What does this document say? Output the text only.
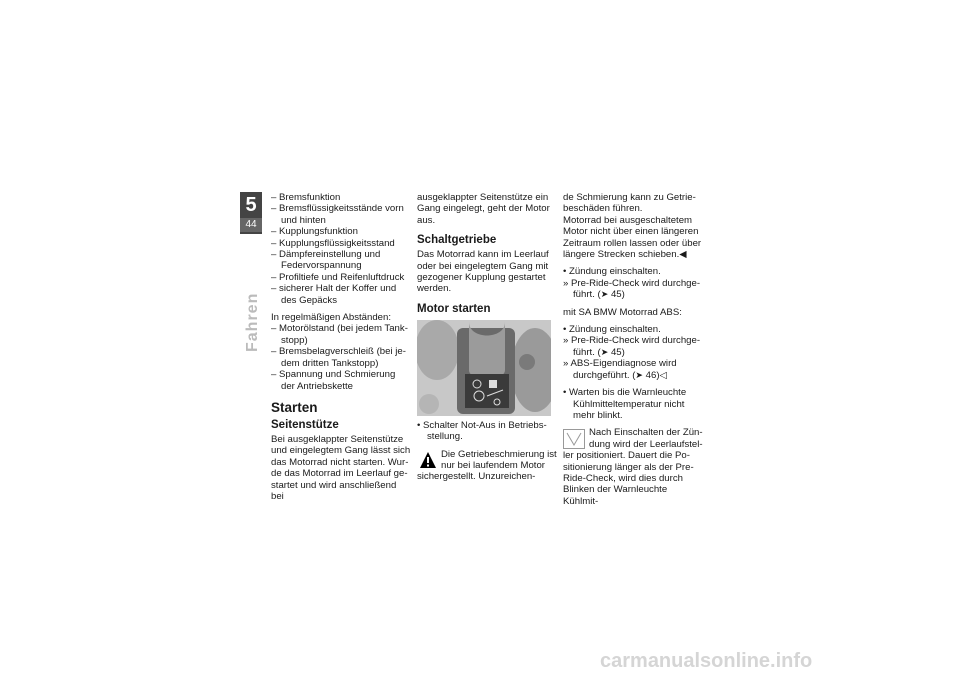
5
44
Fahren

– Bremsfunktion

– Bremsflüssigkeitsstände vorn und hinten

– Kupplungsfunktion

– Kupplungsflüssigkeitsstand

– Dämpfereinstellung und Federvorspannung

– Profiltiefe und Reifenluftdruck

– sicherer Halt der Koffer und des Gepäcks

In regelmäßigen Abständen:

– Motorölstand (bei jedem Tankstopp)

– Bremsbelagverschleiß (bei jedem dritten Tankstopp)

– Spannung und Schmierung der Antriebskette

Starten
Seitenstütze

Bei ausgeklappter Seitenstütze und eingelegtem Gang lässt sich das Motorrad nicht starten. Wurde das Motorrad im Leerlauf gestartet und wird anschließend bei

ausgeklappter Seitenstütze ein Gang eingelegt, geht der Motor aus.

Schaltgetriebe

Das Motorrad kann im Leerlauf oder bei eingelegtem Gang mit gezogener Kupplung gestartet werden.

Motor starten

• Schalter Not-Aus in Betriebsstellung.

Die Getriebeschmierung ist nur bei laufendem Motor sichergestellt. Unzureichen-

de Schmierung kann zu Getriebeschäden führen.

Motorrad bei ausgeschaltetem Motor nicht über einen längeren Zeitraum rollen lassen oder über längere Strecken schieben.◀

• Zündung einschalten.

» Pre-Ride-Check wird durchgeführt. (➤ 45)

mit SA BMW Motorrad ABS:

• Zündung einschalten.

» Pre-Ride-Check wird durchgeführt. (➤ 45)

» ABS-Eigendiagnose wird durchgeführt. (➤ 46)◁

• Warten bis die Warnleuchte Kühlmitteltemperatur nicht mehr blinkt.

Nach Einschalten der Zündung wird der Leerlaufsteller positioniert. Dauert die Positionierung länger als der Pre-Ride-Check, wird dies durch Blinken der Warnleuchte Kühlmit-

carmanualsonline.info
